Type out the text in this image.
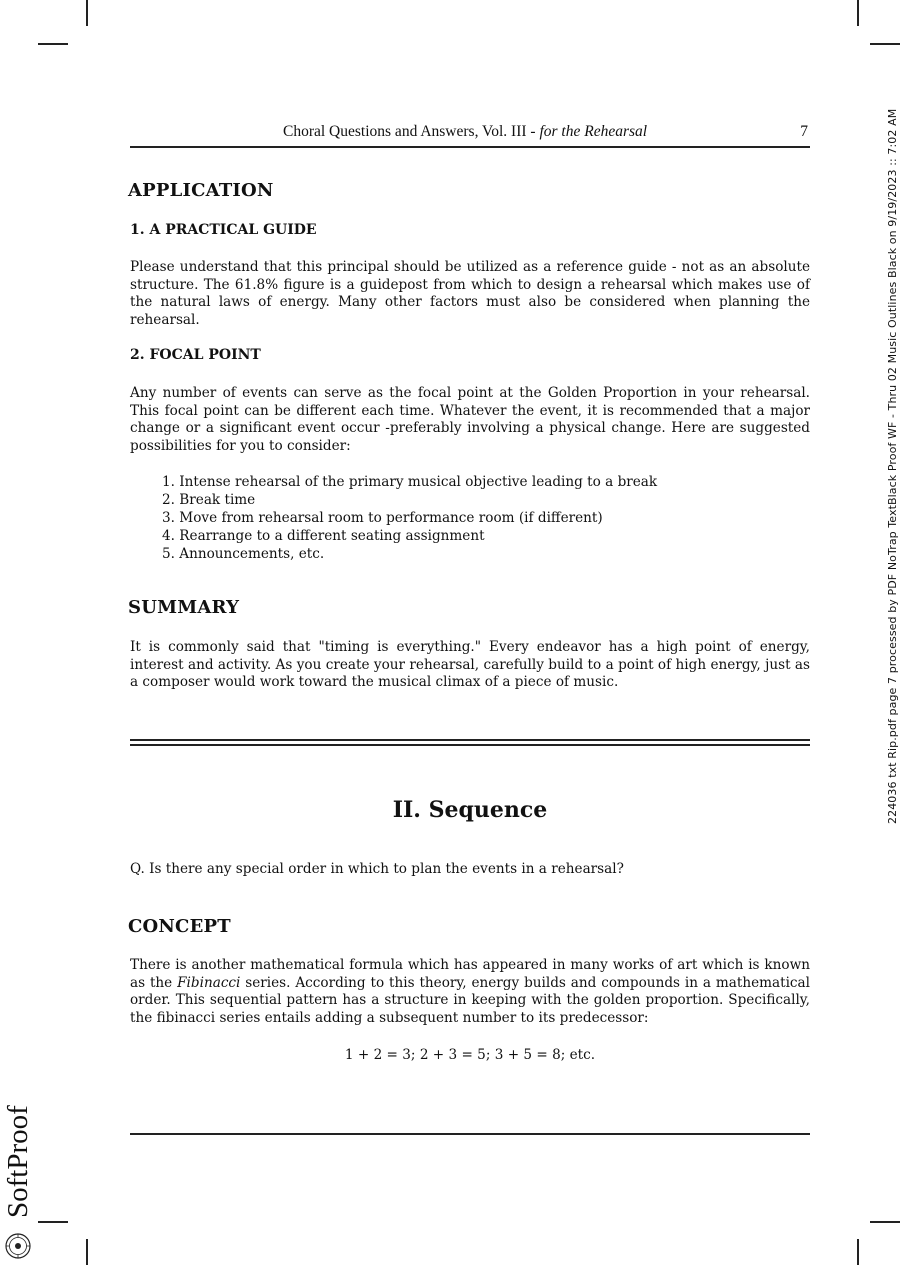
224036 txt Rip.pdf page 7 processed by PDF NoTrap TextBlack Proof WF - Thru 02 Music Outlines Black on 9/19/2023 :: 7:02 AM
SoftProof
Choral Questions and Answers, Vol. III - for the Rehearsal	7
APPLICATION
1. A PRACTICAL GUIDE

Please understand that this principal should be utilized as a reference guide - not as an absolute structure. The 61.8% figure is a guidepost from which to design a rehearsal which makes use of the natural laws of energy. Many other factors must also be considered when planning the rehearsal.

2. FOCAL POINT

Any number of events can serve as the focal point at the Golden Proportion in your rehearsal. This focal point can be different each time. Whatever the event, it is recommended that a major change or a significant event occur -preferably involving a physical change. Here are suggested possibilities for you to consider:

1. Intense rehearsal of the primary musical objective leading to a break
2. Break time
3. Move from rehearsal room to performance room (if different)
4. Rearrange to a different seating assignment
5. Announcements, etc.
SUMMARY

It is commonly said that "timing is everything." Every endeavor has a high point of energy, interest and activity. As you create your rehearsal, carefully build to a point of high energy, just as a composer would work toward the musical climax of a piece of music.

II. Sequence

Q. Is there any special order in which to plan the events in a rehearsal?

CONCEPT

There is another mathematical formula which has appeared in many works of art which is known as the Fibinacci series. According to this theory, energy builds and compounds in a mathematical order. This sequential pattern has a structure in keeping with the golden proportion. Specifically, the fibinacci series entails adding a subsequent number to its predecessor:

1 + 2 = 3; 2 + 3 = 5; 3 + 5 = 8; etc.
